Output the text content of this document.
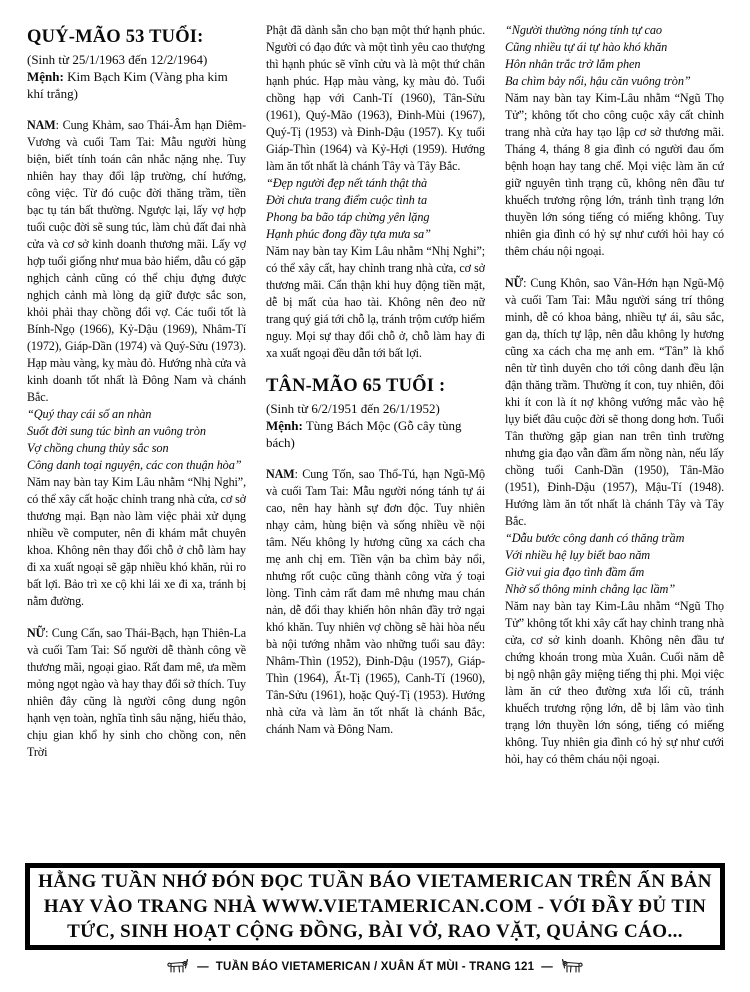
QUÝ-MÃO 53 TUỔI:
(Sinh từ 25/1/1963 đến 12/2/1964)
Mệnh: Kim Bạch Kim (Vàng pha kim khí trắng)

NAM: Cung Khảm, sao Thái-Âm hạn Diêm-Vương và cuối Tam Tai: Mẫu người hùng biện, biết tính toán cân nhắc nặng nhẹ. Tuy nhiên hay thay đổi lập trường, chí hướng, công việc. Từ đó cuộc đời thăng trầm, tiền bạc tụ tán bất thường. Ngược lại, lấy vợ hợp tuổi cuộc đời sẽ sung túc, làm chủ đất đai nhà cửa và cơ sở kinh doanh thương mãi. Lấy vợ hợp tuổi giống như mua bảo hiểm, dẫu có gặp nghịch cảnh cũng có thể chịu đựng được nghịch cảnh mà lòng dạ giữ được sắc son, khỏi phải thay chồng đổi vợ. Các tuổi tốt là Bính-Ngọ (1966), Kỷ-Dậu (1969), Nhâm-Tí (1972), Giáp-Dần (1974) và Quý-Sửu (1973). Hạp màu vàng, kỵ màu đỏ. Hướng nhà cửa và kinh doanh tốt nhất là Đông Nam và chánh Bắc.

“Quý thay cái số an nhàn
Suốt đời sung túc bình an vuông tròn
Vợ chồng chung thủy sắc son
Công danh toại nguyện, các con thuận hòa”

Năm nay bàn tay Kim Lâu nhằm “Nhị Nghi”, có thể xây cất hoặc chỉnh trang nhà cửa, cơ sở thương mại. Bạn nào làm việc phải xử dụng nhiều về computer, nên đi khám mắt chuyên khoa. Không nên thay đổi chỗ ở chỗ làm hay đi xa xuất ngoại sẽ gặp nhiều khó khăn, rủi ro bất lợi. Bảo trì xe cộ khi lái xe đi xa, tránh bị nằm đường.

NỮ: Cung Cấn, sao Thái-Bạch, hạn Thiên-La và cuối Tam Tai: Số người dễ thành công về thương mãi, ngoại giao. Rất đam mê, ưa mềm mỏng ngọt ngào và hay thay đổi sở thích. Tuy nhiên đây cũng là người công dung ngôn hạnh vẹn toàn, nghĩa tình sâu nặng, hiếu thảo, chịu gian khổ hy sinh cho chồng con, nên Trời

Phật đã dành sẵn cho bạn một thứ hạnh phúc. Người có đạo đức và một tình yêu cao thượng thì hạnh phúc sẽ vĩnh cửu và là một thứ chân hạnh phúc. Hạp màu vàng, kỵ màu đỏ. Tuổi chồng hạp với Canh-Tí (1960), Tân-Sửu (1961), Quý-Mão (1963), Đinh-Mùi (1967), Quý-Tị (1953) và Đinh-Dậu (1957). Kỵ tuổi Giáp-Thìn (1964) và Kỷ-Hợi (1959). Hướng làm ăn tốt nhất là chánh Tây và Tây Bắc.

“Đẹp người đẹp nết tánh thật thà
Đời chưa trang điểm cuộc tình ta
Phong ba bão táp chừng yên lặng
Hạnh phúc đong đầy tựa mưa sa”

Năm nay bàn tay Kim Lâu nhằm “Nhị Nghi”; có thể xây cất, hay chỉnh trang nhà cửa, cơ sở thương mãi. Cẩn thận khi huy động tiền mặt, dễ bị mất của hao tài. Không nên đeo nữ trang quý giá tới chỗ lạ, tránh trộm cướp hiểm nguy. Mọi sự thay đổi chỗ ở, chỗ làm hay đi xa xuất ngoại đều dẫn tới bất lợi.

TÂN-MÃO 65 TUỔI :
(Sinh từ 6/2/1951 đến 26/1/1952)
Mệnh: Tùng Bách Mộc (Gỗ cây tùng bách)

NAM: Cung Tốn, sao Thổ-Tú, hạn Ngũ-Mộ và cuối Tam Tai: Mẫu người nóng tánh tự ái cao, nên hay hành sự đơn độc. Tuy nhiên nhạy cảm, hùng biện và sống nhiều về nội tâm. Nếu không ly hương cũng xa cách cha mẹ anh chị em. Tiền vận ba chìm bảy nổi, nhưng rốt cuộc cũng thành công vừa ý toại lòng. Tình cảm rất đam mê nhưng mau chán nản, dễ đổi thay khiến hôn nhân đầy trở ngại khó khăn. Tuy nhiên vợ chồng sẽ hài hòa nếu bà nội tướng nhằm vào những tuổi sau đây: Nhâm-Thìn (1952), Đinh-Dậu (1957), Giáp-Thìn (1964), Ất-Tị (1965), Canh-Tí (1960), Tân-Sửu (1961), hoặc Quý-Tị (1953). Hướng nhà cửa và làm ăn tốt nhất là chánh Bắc, chánh Nam và Đông Nam.

“Người thường nóng tính tự cao
Cũng nhiều tự ái tự hào khó khăn
Hôn nhân trắc trở lắm phen
Ba chìm bảy nổi, hậu căn vuông tròn”

Năm nay bàn tay Kim-Lâu nhằm “Ngũ Thọ Tử”; không tốt cho công cuộc xây cất chỉnh trang nhà cửa hay tạo lập cơ sở thương mãi. Tháng 4, tháng 8 gia đình có người đau ốm bệnh hoạn hay tang chế. Mọi việc làm ăn cứ giữ nguyên tình trạng cũ, không nên đầu tư khuếch trương rộng lớn, tránh tình trạng lớn thuyền lớn sóng tiếng có miếng không. Tuy nhiên gia đình có hỷ sự như cưới hỏi hay có thêm cháu nội ngoại.

NỮ: Cung Khôn, sao Vân-Hớn hạn Ngũ-Mộ và cuối Tam Tai: Mẫu người sáng trí thông minh, dễ có khoa bảng, nhiều tự ái, sâu sắc, gan dạ, thích tự lập, nên dẫu không ly hương cũng xa cách cha mẹ anh em. “Tân” là khổ nên từ tình duyên cho tới công danh đều lận đận thăng trầm. Thường ít con, tuy nhiên, đôi khi ít con là ít nợ không vướng mắc vào hệ lụy biết đâu cuộc đời sẽ thong dong hơn. Tuổi Tân thường gặp gian nan trên tình trường nhưng gia đạo vẫn đầm ấm nồng nàn, nếu lấy chồng tuổi Canh-Dần (1950), Tân-Mão (1951), Đinh-Dậu (1957), Mậu-Tí (1948). Hướng làm ăn tốt nhất là chánh Tây và Tây Bắc.

“Dẫu bước công danh có thăng trầm
Với nhiều hệ lụy biết bao năm
Giờ vui gia đạo tình đầm ấm
Nhờ số thông minh chẳng lạc lầm”

Năm nay bàn tay Kim-Lâu nhằm “Ngũ Thọ Tử” không tốt khi xây cất hay chỉnh trang nhà cửa, cơ sở kinh doanh. Không nên đầu tư chứng khoán trong mùa Xuân. Cuối năm dễ bị ngộ nhận gây miệng tiếng thị phi. Mọi việc làm ăn cứ theo đường xưa lối cũ, tránh khuếch trương rộng lớn, dễ bị lâm vào tình trạng lớn thuyền lớn sóng, tiếng có miếng không. Tuy nhiên gia đình có hỷ sự như cưới hỏi, hay có thêm cháu nội ngoại.

HẰNG TUẦN NHỚ ĐÓN ĐỌC TUẦN BÁO VIETAMERICAN TRÊN ẤN BẢN
HAY VÀO TRANG NHÀ WWW.VIETAMERICAN.COM - VỚI ĐẦY ĐỦ TIN
TỨC, SINH HOẠT CỘNG ĐỒNG, BÀI VỞ, RAO VẶT, QUẢNG CÁO...
— TUẦN BÁO VIETAMERICAN / XUÂN ẤT MÙI - TRANG 121 —
